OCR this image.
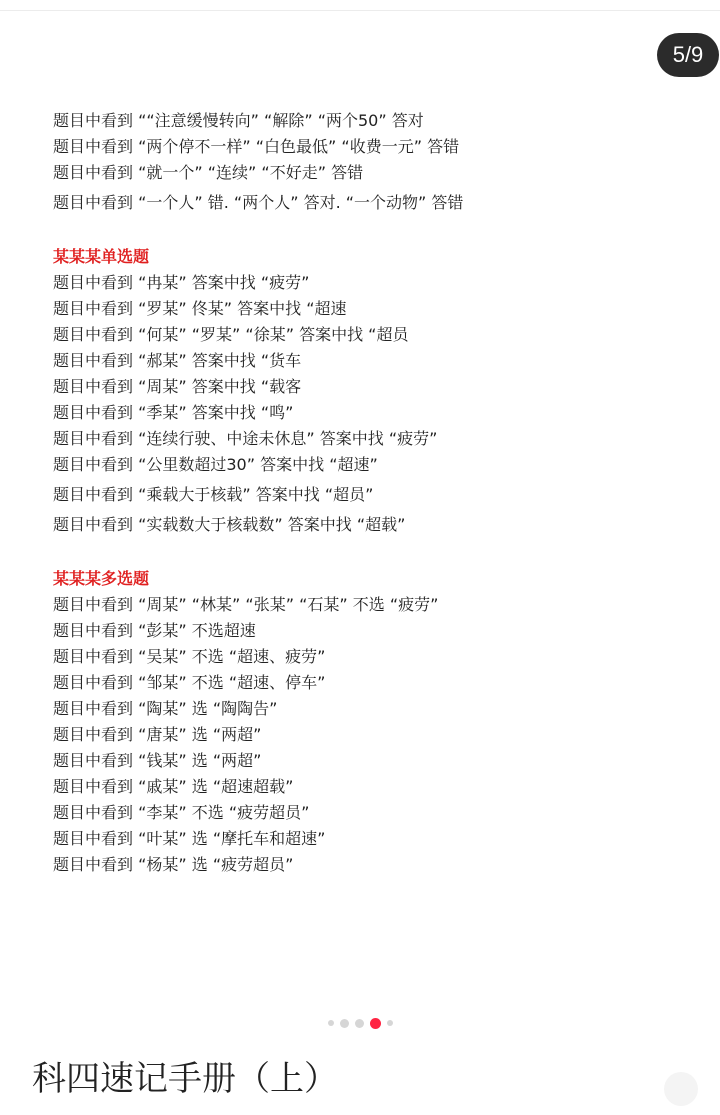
5/9
题目中看到 ““注意缓慢转向” “解除” “两个50” 答对
题目中看到 “两个停不一样” “白色最低” “收费一元” 答错
题目中看到 “就一个” “连续” “不好走” 答错
题目中看到 “一个人” 错. “两个人” 答对. “一个动物” 答错
某某某单选题
题目中看到 “冉某” 答案中找 “疲劳”
题目中看到 “罗某” 佟某” 答案中找 “超速
题目中看到 “何某” “罗某” “徐某” 答案中找 “超员
题目中看到 “郝某” 答案中找 “货车
题目中看到 “周某” 答案中找 “载客
题目中看到 “季某” 答案中找 “鸣”
题目中看到 “连续行驶、中途未休息” 答案中找 “疲劳”
题目中看到 “公里数超过30” 答案中找 “超速”
题目中看到 “乘载大于核载” 答案中找 “超员”
题目中看到 “实载数大于核载数” 答案中找 “超载”
某某某多选题
题目中看到 “周某” “林某” “张某” “石某” 不选 “疲劳”
题目中看到 “彭某” 不选超速
题目中看到 “吴某” 不选 “超速、疲劳”
题目中看到 “邹某” 不选 “超速、停车”
题目中看到 “陶某” 选 “陶陶告”
题目中看到 “唐某” 选 “两超”
题目中看到 “钱某” 选 “两超”
题目中看到 “戚某” 选 “超速超载”
题目中看到 “李某” 不选 “疲劳超员”
题目中看到 “叶某” 选 “摩托车和超速”
题目中看到 “杨某” 选 “疲劳超员”
科四速记手册（上）
